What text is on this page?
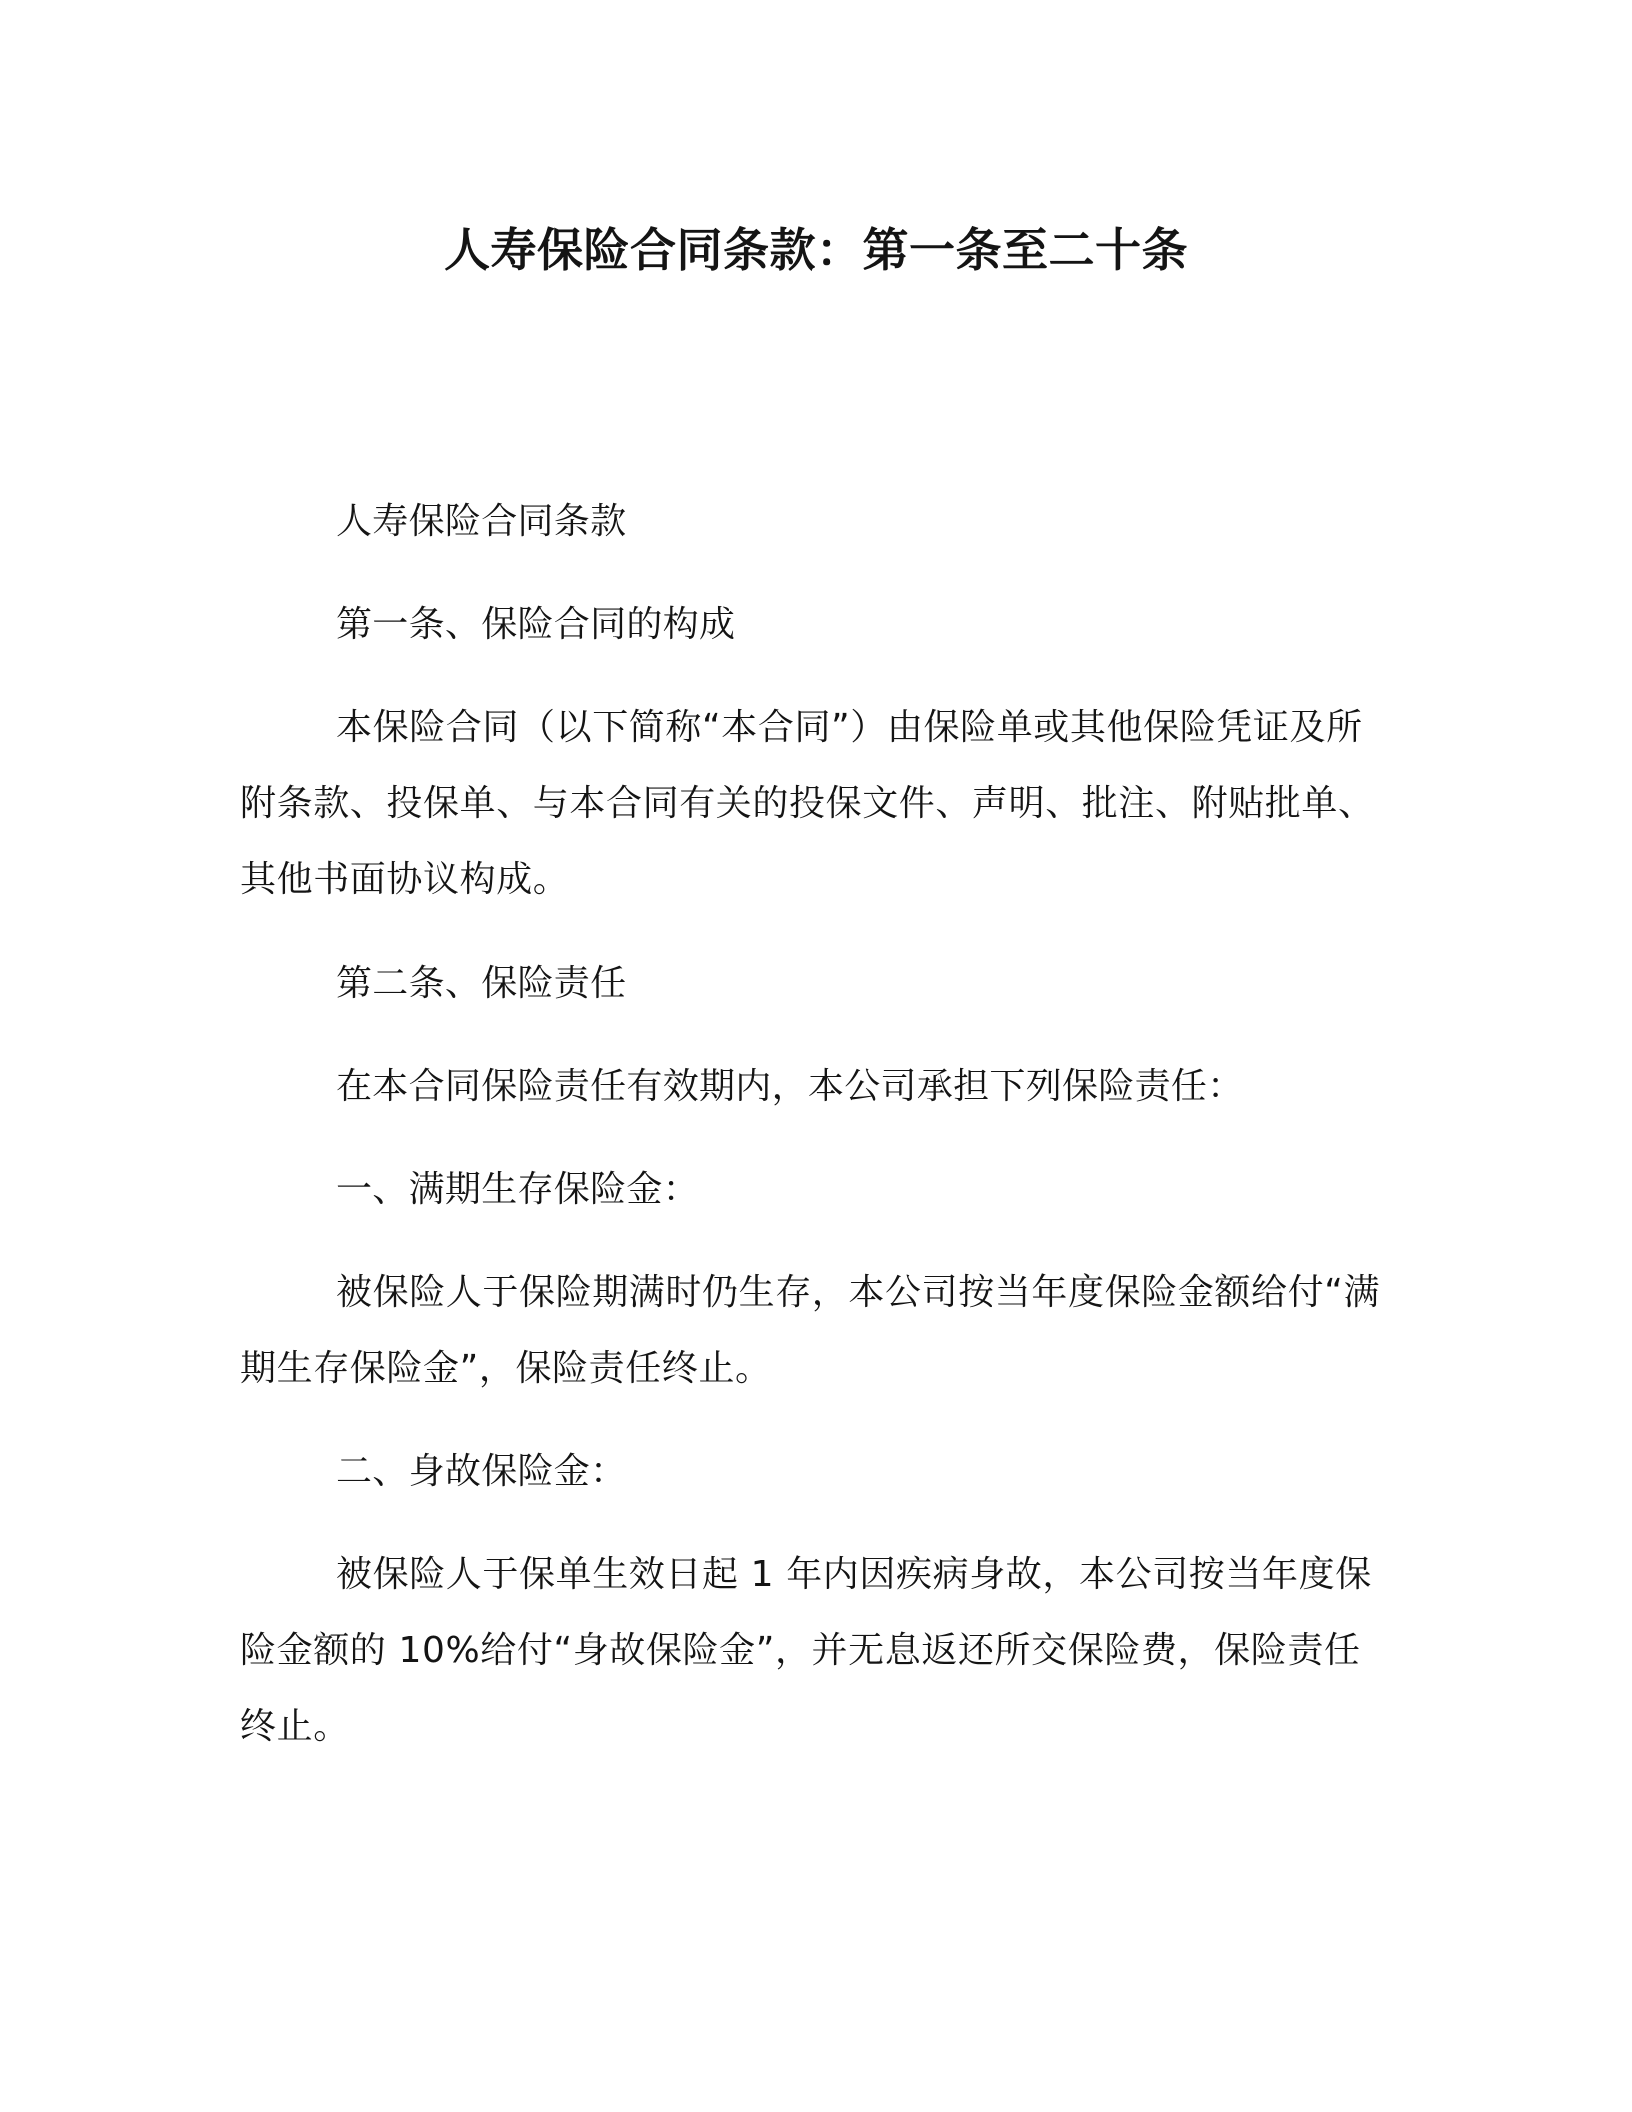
人寿保险合同条款：第一条至二十条

人寿保险合同条款

第一条、保险合同的构成

本保险合同（以下简称“本合同”）由保险单或其他保险凭证及所附条款、投保单、与本合同有关的投保文件、声明、批注、附贴批单、其他书面协议构成。

第二条、保险责任

在本合同保险责任有效期内，本公司承担下列保险责任：

一、满期生存保险金：

被保险人于保险期满时仍生存，本公司按当年度保险金额给付“满期生存保险金”，保险责任终止。

二、身故保险金：

被保险人于保单生效日起 1 年内因疾病身故，本公司按当年度保险金额的 10%给付“身故保险金”，并无息返还所交保险费，保险责任终止。
